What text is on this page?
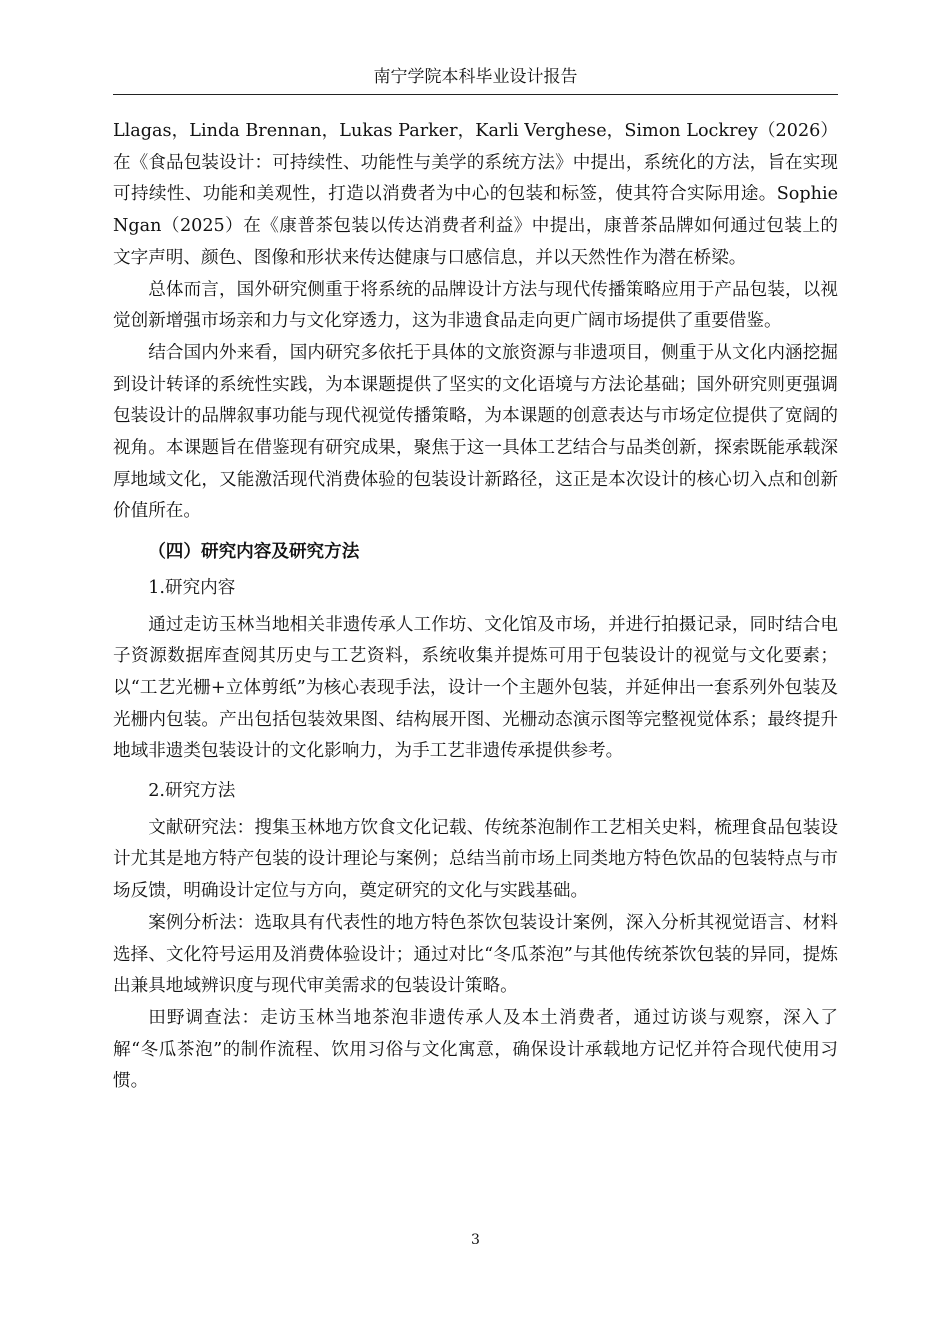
南宁学院本科毕业设计报告

Llagas，Linda Brennan，Lukas Parker，Karli Verghese，Simon Lockrey（2026）在《食品包装设计：可持续性、功能性与美学的系统方法》中提出，系统化的方法，旨在实现可持续性、功能和美观性，打造以消费者为中心的包装和标签，使其符合实际用途。Sophie Ngan（2025）在《康普茶包装以传达消费者利益》中提出，康普茶品牌如何通过包装上的文字声明、颜色、图像和形状来传达健康与口感信息，并以天然性作为潜在桥梁。

总体而言，国外研究侧重于将系统的品牌设计方法与现代传播策略应用于产品包装，以视觉创新增强市场亲和力与文化穿透力，这为非遗食品走向更广阔市场提供了重要借鉴。

结合国内外来看，国内研究多依托于具体的文旅资源与非遗项目，侧重于从文化内涵挖掘到设计转译的系统性实践，为本课题提供了坚实的文化语境与方法论基础；国外研究则更强调包装设计的品牌叙事功能与现代视觉传播策略，为本课题的创意表达与市场定位提供了宽阔的视角。本课题旨在借鉴现有研究成果，聚焦于这一具体工艺结合与品类创新，探索既能承载深厚地域文化，又能激活现代消费体验的包装设计新路径，这正是本次设计的核心切入点和创新价值所在。

（四）研究内容及研究方法

1.研究内容

通过走访玉林当地相关非遗传承人工作坊、文化馆及市场，并进行拍摄记录，同时结合电子资源数据库查阅其历史与工艺资料，系统收集并提炼可用于包装设计的视觉与文化要素；以“工艺光栅+立体剪纸”为核心表现手法，设计一个主题外包装，并延伸出一套系列外包装及光栅内包装。产出包括包装效果图、结构展开图、光栅动态演示图等完整视觉体系；最终提升地域非遗类包装设计的文化影响力，为手工艺非遗传承提供参考。

2.研究方法

文献研究法：搜集玉林地方饮食文化记载、传统茶泡制作工艺相关史料，梳理食品包装设计尤其是地方特产包装的设计理论与案例；总结当前市场上同类地方特色饮品的包装特点与市场反馈，明确设计定位与方向，奠定研究的文化与实践基础。

案例分析法：选取具有代表性的地方特色茶饮包装设计案例，深入分析其视觉语言、材料选择、文化符号运用及消费体验设计；通过对比“冬瓜茶泡”与其他传统茶饮包装的异同，提炼出兼具地域辨识度与现代审美需求的包装设计策略。

田野调查法：走访玉林当地茶泡非遗传承人及本土消费者，通过访谈与观察，深入了解“冬瓜茶泡”的制作流程、饮用习俗与文化寓意，确保设计承载地方记忆并符合现代使用习惯。

3
